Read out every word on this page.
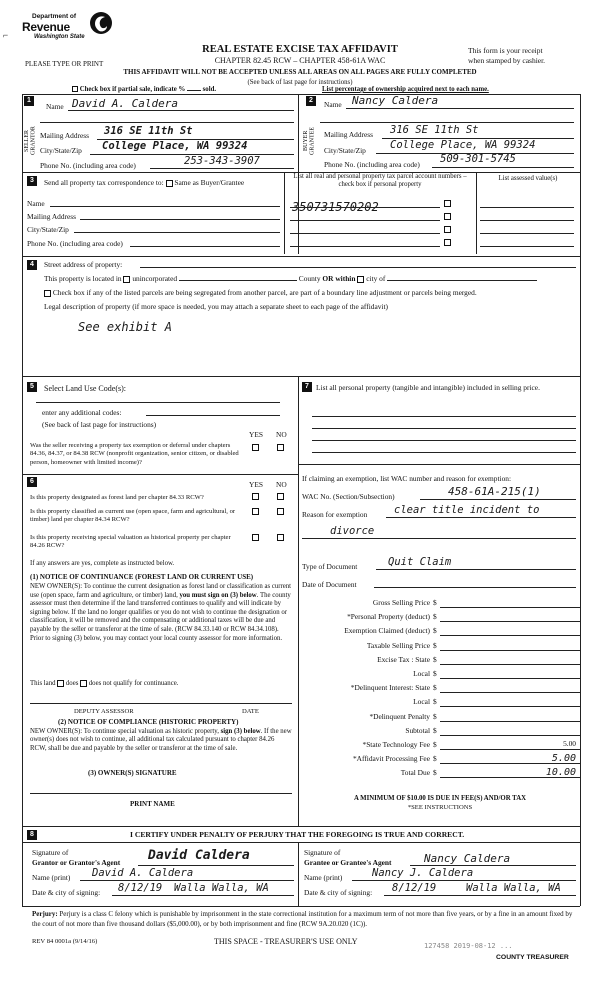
Department of
Revenue
Washington State
⌐
PLEASE TYPE OR PRINT
REAL ESTATE EXCISE TAX AFFIDAVIT
CHAPTER 82.45 RCW – CHAPTER 458-61A WAC
(See back of last page for instructions)
THIS AFFIDAVIT WILL NOT BE ACCEPTED UNLESS ALL AREAS ON ALL PAGES ARE FULLY COMPLETED
This form is your receipt
when stamped by cashier.
Check box if partial sale, indicate %	sold.	List percentage of ownership acquired next to each name.
1
SELLER GRANTOR
Name David A. Caldera
Mailing Address 316 SE 11th St
City/State/Zip College Place, WA 99324
Phone No. (including area code)	253-343-3907
2
BUYER GRANTEE
Name Nancy Caldera
Mailing Address 316 SE 11th St
City/State/Zip College Place, WA 99324
Phone No. (including area code) 509-301-5745
3	Send all property tax correspondence to: Same as Buyer/Grantee
Name
Mailing Address
City/State/Zip
Phone No. (including area code)
List all real and personal property tax parcel account numbers – check box if personal property
List assessed value(s)
350731570202
4	Street address of property:
This property is located in unincorporated	County OR within city of
Check box if any of the listed parcels are being segregated from another parcel, are part of a boundary line adjustment or parcels being merged.
Legal description of property (if more space is needed, you may attach a separate sheet to each page of the affidavit)
See exhibit A
5	Select Land Use Code(s):
enter any additional codes:
(See back of last page for instructions)
YES NO
Was the seller receiving a property tax exemption or deferral under chapters 84.36, 84.37, or 84.38 RCW (nonprofit organization, senior citizen, or disabled person, homeowner with limited income)?
6	YES NO
Is this property designated as forest land per chapter 84.33 RCW?
Is this property classified as current use (open space, farm and agricultural, or timber) land per chapter 84.34 RCW?
Is this property receiving special valuation as historical property per chapter 84.26 RCW?
If any answers are yes, complete as instructed below.
(1) NOTICE OF CONTINUANCE (FOREST LAND OR CURRENT USE)
NEW OWNER(S): To continue the current designation as forest land or classification as current use (open space, farm and agriculture, or timber) land, you must sign on (3) below. The county assessor must then determine if the land transferred continues to qualify and will indicate by signing below. If the land no longer qualifies or you do not wish to continue the designation or classification, it will be removed and the compensating or additional taxes will be due and payable by the seller or transferor at the time of sale. (RCW 84.33.140 or RCW 84.34.108). Prior to signing (3) below, you may contact your local county assessor for more information.
This land does does not qualify for continuance.
DEPUTY ASSESSOR	DATE
(2) NOTICE OF COMPLIANCE (HISTORIC PROPERTY)
NEW OWNER(S): To continue special valuation as historic property, sign (3) below. If the new owner(s) does not wish to continue, all additional tax calculated pursuant to chapter 84.26 RCW, shall be due and payable by the seller or transferor at the time of sale.
(3) OWNER(S) SIGNATURE
PRINT NAME
7 List all personal property (tangible and intangible) included in selling price.
If claiming an exemption, list WAC number and reason for exemption:
WAC No. (Section/Subsection)	458-61A-215(1)
Reason for exemption	clear title incident to
divorce
Type of Document	Quit Claim
Date of Document
Gross Selling Price $
*Personal Property (deduct) $
Exemption Claimed (deduct) $
Taxable Selling Price $
Excise Tax : State $
Local $
*Delinquent Interest: State $
Local $
*Delinquent Penalty $
Subtotal $
*State Technology Fee $	5.00
*Affidavit Processing Fee $	5.00
Total Due $	10.00
A MINIMUM OF $10.00 IS DUE IN FEE(S) AND/OR TAX
*SEE INSTRUCTIONS
8	I CERTIFY UNDER PENALTY OF PERJURY THAT THE FOREGOING IS TRUE AND CORRECT.
Signature of
Grantor or Grantor's Agent David Caldera
Name (print) David A. Caldera
Date & city of signing: 8/12/19 Walla Walla, WA
Signature of
Grantee or Grantee's Agent	Nancy Caldera
Name (print)	Nancy J. Caldera
Date & city of signing: 8/12/19	Walla Walla, WA
Perjury: Perjury is a class C felony which is punishable by imprisonment in the state correctional institution for a maximum term of not more than five years, or by a fine in an amount fixed by the court of not more than five thousand dollars ($5,000.00), or by both imprisonment and fine (RCW 9A.20.020 (1C)).
REV 84 0001a (9/14/16)	THIS SPACE - TREASURER'S USE ONLY	127458 2019-08-12 ...
COUNTY TREASURER
